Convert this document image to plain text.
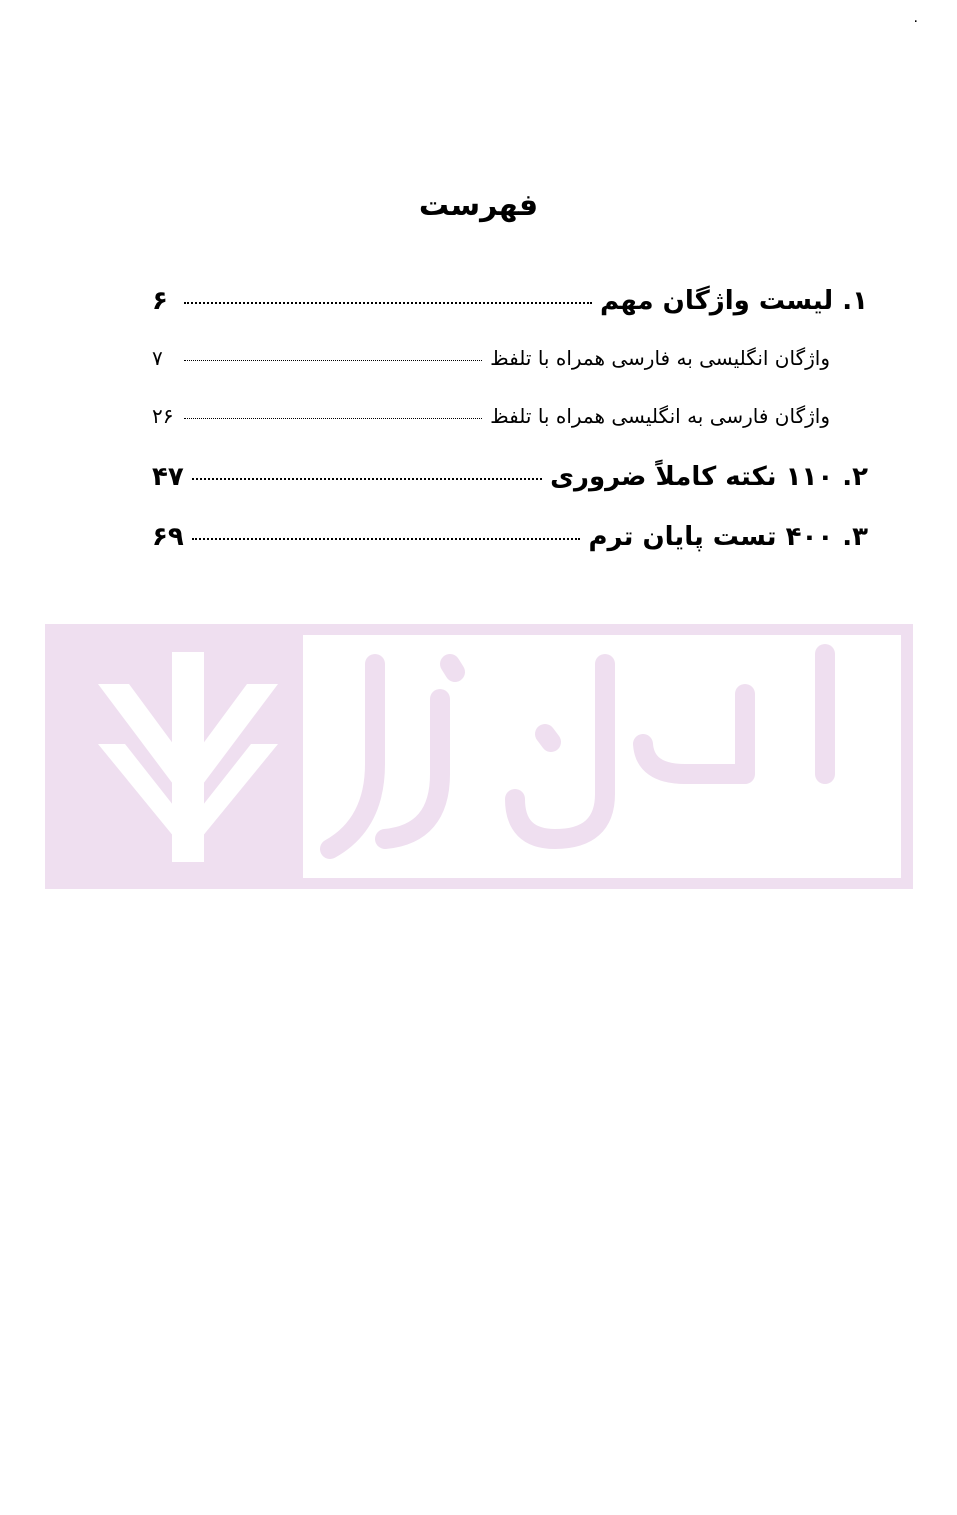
٠
فهرست
۱. لیست واژگان مهم
۶
واژگان انگلیسی به فارسی همراه با تلفظ
۷
واژگان فارسی به انگلیسی همراه با تلفظ
۲۶
۲. ۱۱۰ نکته کاملاً ضروری
۴۷
۳. ۴۰۰ تست پایان ترم
۶۹
